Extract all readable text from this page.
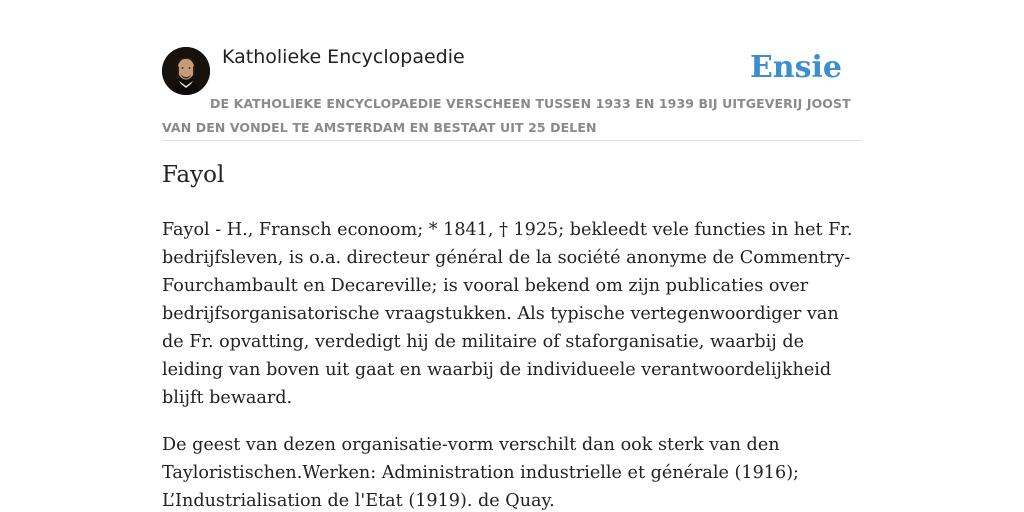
Katholieke Encyclopaedie	Ensie
DE KATHOLIEKE ENCYCLOPAEDIE VERSCHEEN TUSSEN 1933 EN 1939 BIJ UITGEVERIJ JOOST VAN DEN VONDEL TE AMSTERDAM EN BESTAAT UIT 25 DELEN
Fayol

Fayol - H., Fransch econoom; * 1841, † 1925; bekleedt vele functies in het Fr. bedrijfsleven, is o.a. directeur général de la société anonyme de Commentry-Fourchambault en Decareville; is vooral bekend om zijn publicaties over bedrijfsorganisatorische vraagstukken. Als typische vertegenwoordiger van de Fr. opvatting, verdedigt hij de militaire of staforganisatie, waarbij de leiding van boven uit gaat en waarbij de individueele verantwoordelijkheid blijft bewaard.

De geest van dezen organisatie-vorm verschilt dan ook sterk van den Tayloristischen.Werken: Administration industrielle et générale (1916); L’Industrialisation de l'Etat (1919). de Quay.
